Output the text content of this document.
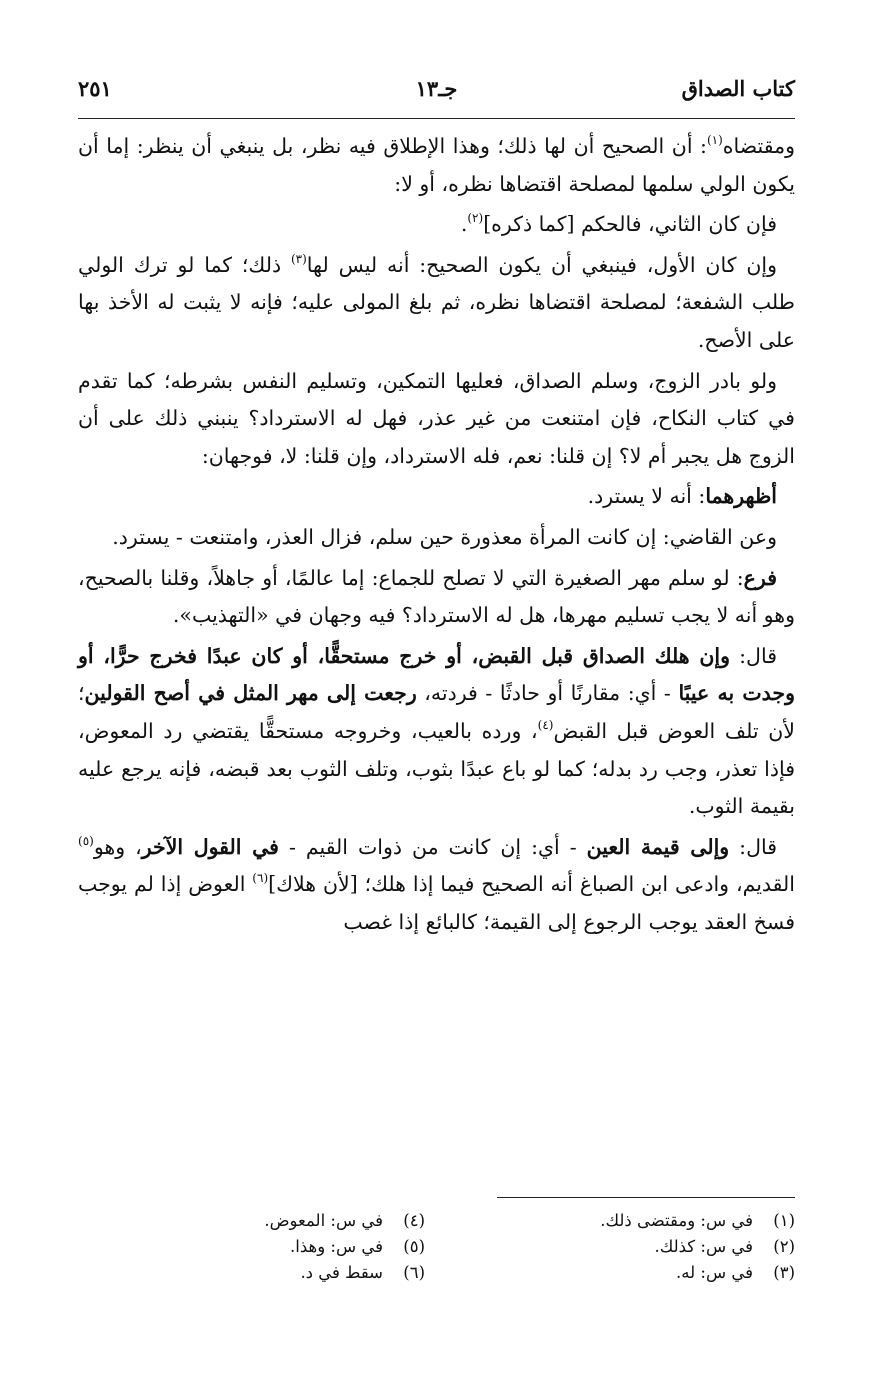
كتاب الصداق
جـ١٣
٢٥١

ومقتضاه$^{(١)}$: أن الصحيح أن لها ذلك؛ وهذا الإطلاق فيه نظر، بل ينبغي أن ينظر: إما أن يكون الولي سلمها لمصلحة اقتضاها نظره، أو لا:

فإن كان الثاني، فالحكم [كما ذكره]$^{(٢)}$.

وإن كان الأول، فينبغي أن يكون الصحيح: أنه ليس لها$^{(٣)}$ ذلك؛ كما لو ترك الولي طلب الشفعة؛ لمصلحة اقتضاها نظره، ثم بلغ المولى عليه؛ فإنه لا يثبت له الأخذ بها على الأصح.

ولو بادر الزوج، وسلم الصداق، فعليها التمكين، وتسليم النفس بشرطه؛ كما تقدم في كتاب النكاح، فإن امتنعت من غير عذر، فهل له الاسترداد؟ ينبني ذلك على أن الزوج هل يجبر أم لا؟ إن قلنا: نعم، فله الاسترداد، وإن قلنا: لا، فوجهان:

أظهرهما: أنه لا يسترد.

وعن القاضي: إن كانت المرأة معذورة حين سلم، فزال العذر، وامتنعت - يسترد.

فرع: لو سلم مهر الصغيرة التي لا تصلح للجماع: إما عالمًا، أو جاهلاً، وقلنا بالصحيح، وهو أنه لا يجب تسليم مهرها، هل له الاسترداد؟ فيه وجهان في «التهذيب».

قال: وإن هلك الصداق قبل القبض، أو خرج مستحقًّا، أو كان عبدًا فخرج حرًّا، أو وجدت به عيبًا - أي: مقارنًا أو حادثًا - فردته، رجعت إلى مهر المثل في أصح القولين؛ لأن تلف العوض قبل القبض$^{(٤)}$، ورده بالعيب، وخروجه مستحقًّا يقتضي رد المعوض، فإذا تعذر، وجب رد بدله؛ كما لو باع عبدًا بثوب، وتلف الثوب بعد قبضه، فإنه يرجع عليه بقيمة الثوب.

قال: وإلى قيمة العين - أي: إن كانت من ذوات القيم - في القول الآخر، وهو$^{(٥)}$ القديم، وادعى ابن الصباغ أنه الصحيح فيما إذا هلك؛ [لأن هلاك]$^{(٦)}$ العوض إذا لم يوجب فسخ العقد يوجب الرجوع إلى القيمة؛ كالبائع إذا غصب

(١)في س: ومقتضى ذلك.
(٢)في س: كذلك.
(٣)في س: له.
(٤)في س: المعوض.
(٥)في س: وهذا.
(٦)سقط في د.
